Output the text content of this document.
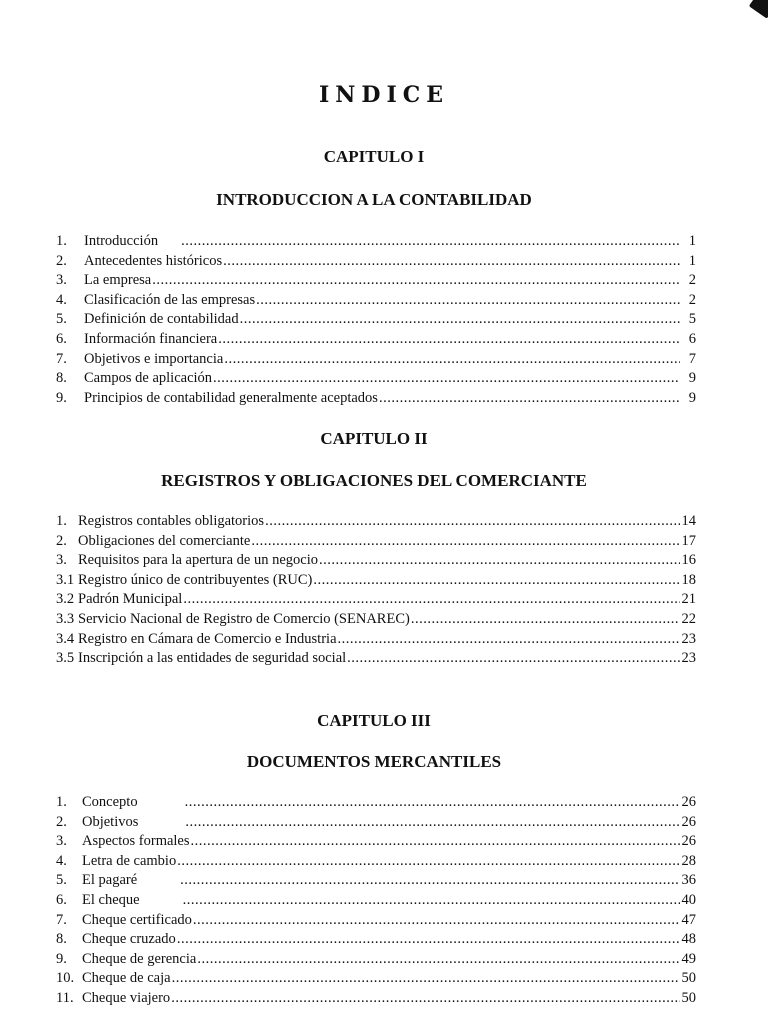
INDICE
CAPITULO I
INTRODUCCION A LA CONTABILIDAD
1.	Introducción .....	1
2.	Antecedentes históricos .....	1
3.	La empresa .....	2
4.	Clasificación de las empresas .....	2
5.	Definición de contabilidad .....	5
6.	Información financiera .....	6
7.	Objetivos e importancia .....	7
8.	Campos de aplicación .....	9
9.	Principios de contabilidad generalmente aceptados .....	9
CAPITULO II
REGISTROS Y OBLIGACIONES DEL COMERCIANTE
1. Registros contables obligatorios .....	14
2. Obligaciones del comerciante .....	17
3. Requisitos para la apertura de un negocio .....	16
3.1 Registro único de contribuyentes (RUC) .....	18
3.2 Padrón Municipal .....	21
3.3 Servicio Nacional de Registro de Comercio (SENAREC) .....	22
3.4 Registro en Cámara de Comercio e Industria .....	23
3.5 Inscripción a las entidades de seguridad social .....	23
CAPITULO III
DOCUMENTOS MERCANTILES
1.	Concepto .....	26
2.	Objetivos .....	26
3.	Aspectos formales .....	26
4.	Letra de cambio .....	28
5.	El pagaré .....	36
6.	El cheque .....	40
7.	Cheque certificado .....	47
8.	Cheque cruzado .....	48
9.	Cheque de gerencia .....	49
10. Cheque de caja .....	50
11. Cheque viajero .....	50
